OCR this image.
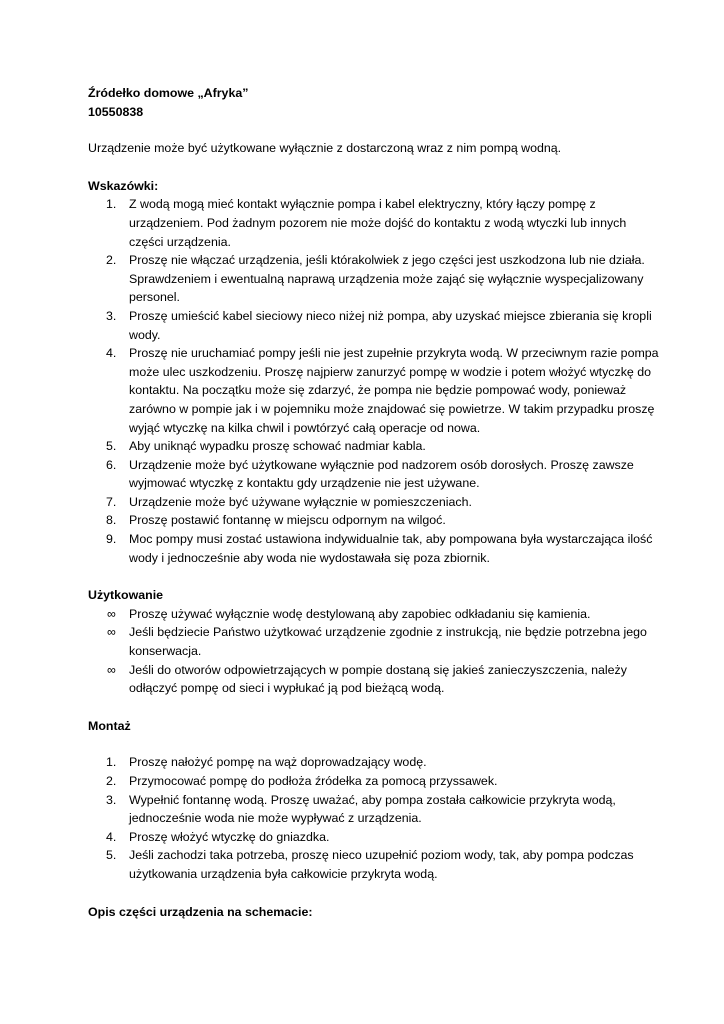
Źródełko domowe „Afryka”

10550838

Urządzenie może być użytkowane wyłącznie z dostarczoną wraz z nim pompą wodną.

Wskazówki:

1.	Z wodą mogą mieć kontakt wyłącznie pompa i kabel elektryczny, który łączy pompę z urządzeniem. Pod żadnym pozorem nie może dojść do kontaktu z wodą wtyczki lub innych części urządzenia.
2.	Proszę nie włączać urządzenia, jeśli którakolwiek z jego części jest uszkodzona lub nie działa. Sprawdzeniem i ewentualną naprawą urządzenia może zająć się wyłącznie wyspecjalizowany personel.
3.	Proszę umieścić kabel sieciowy nieco niżej niż pompa, aby uzyskać miejsce zbierania się kropli wody.
4.	Proszę nie uruchamiać pompy jeśli nie jest zupełnie przykryta wodą. W przeciwnym razie pompa może ulec uszkodzeniu. Proszę najpierw zanurzyć pompę w wodzie i potem włożyć wtyczkę do kontaktu. Na początku może się zdarzyć, że pompa nie będzie pompować wody, ponieważ zarówno w pompie jak i w pojemniku może znajdować się powietrze. W takim przypadku proszę wyjąć wtyczkę na kilka chwil i powtórzyć całą operacje od nowa.
5.	Aby uniknąć wypadku proszę schować nadmiar kabla.
6.	Urządzenie może być użytkowane wyłącznie pod nadzorem osób dorosłych. Proszę zawsze wyjmować wtyczkę z kontaktu gdy urządzenie nie jest używane.
7.	Urządzenie może być używane wyłącznie w pomieszczeniach.
8.	Proszę postawić fontannę w miejscu odpornym na wilgoć.
9.	Moc pompy musi zostać ustawiona indywidualnie tak, aby pompowana była wystarczająca ilość wody i jednocześnie aby woda nie wydostawała się poza zbiornik.

Użytkowanie

∞	Proszę używać wyłącznie wodę destylowaną aby zapobiec odkładaniu się kamienia.
∞	Jeśli będziecie Państwo użytkować urządzenie zgodnie z instrukcją, nie będzie potrzebna jego konserwacja.
∞	Jeśli do otworów odpowietrzających w pompie dostaną się jakieś zanieczyszczenia, należy odłączyć pompę od sieci i wypłukać ją pod bieżącą wodą.

Montaż

1.	Proszę nałożyć pompę na wąż doprowadzający wodę.
2.	Przymocować pompę do podłoża źródełka za pomocą przyssawek.
3.	Wypełnić fontannę wodą. Proszę uważać, aby pompa została całkowicie przykryta wodą, jednocześnie woda nie może wypływać z urządzenia.
4.	Proszę włożyć wtyczkę do gniazdka.
5.	Jeśli zachodzi taka potrzeba, proszę nieco uzupełnić poziom wody, tak, aby pompa podczas użytkowania urządzenia była całkowicie przykryta wodą.

Opis części urządzenia na schemacie:
